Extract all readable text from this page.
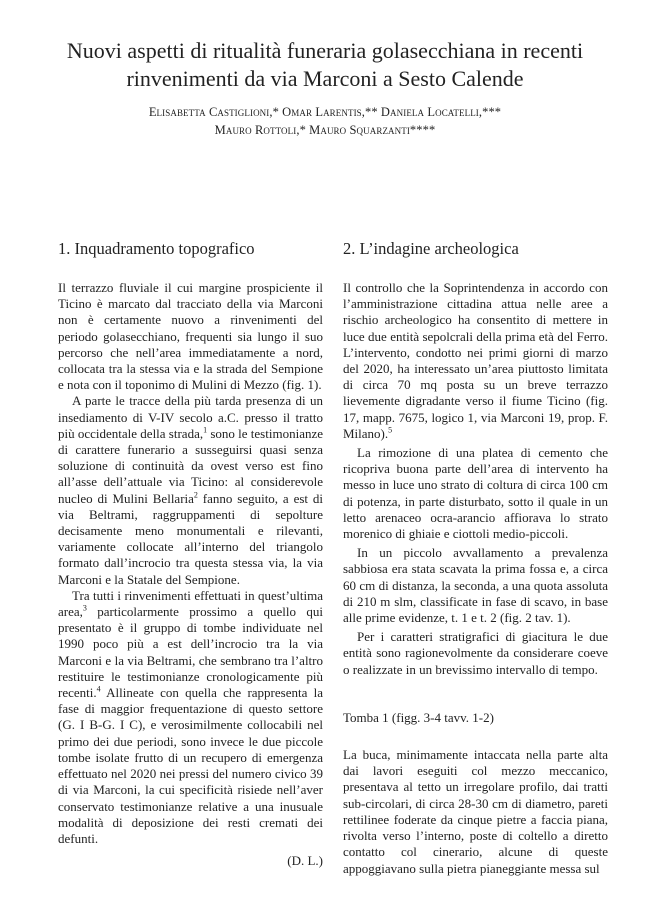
Nuovi aspetti di ritualità funeraria golasecchiana in recenti
rinvenimenti da via Marconi a Sesto Calende
Elisabetta Castiglioni,* Omar Larentis,** Daniela Locatelli,***
Mauro Rottoli,* Mauro Squarzanti****
1. Inquadramento topografico

Il terrazzo fluviale il cui margine prospiciente il Ticino è marcato dal tracciato della via Marconi non è certamente nuovo a rinvenimenti del periodo golasecchiano, frequenti sia lungo il suo percorso che nell’area immediatamente a nord, collocata tra la stessa via e la strada del Sempione e nota con il toponimo di Mulini di Mezzo (fig. 1).

A parte le tracce della più tarda presenza di un insediamento di V-IV secolo a.C. presso il tratto più occidentale della strada,$^1$ sono le testimonianze di carattere funerario a susseguirsi quasi senza soluzione di continuità da ovest verso est fino all’asse dell’attuale via Ticino: al considerevole nucleo di Mulini Bellaria$^2$ fanno seguito, a est di via Beltrami, raggruppamenti di sepolture decisamente meno monumentali e rilevanti, variamente collocate all’interno del triangolo formato dall’incrocio tra questa stessa via, la via Marconi e la Statale del Sempione.

Tra tutti i rinvenimenti effettuati in quest’ultima area,$^3$ particolarmente prossimo a quello qui presentato è il gruppo di tombe individuate nel 1990 poco più a est dell’incrocio tra la via Marconi e la via Beltrami, che sembrano tra l’altro restituire le testimonianze cronologicamente più recenti.$^4$ Allineate con quella che rappresenta la fase di maggior frequentazione di questo settore (G. I B-G. I C), e verosimilmente collocabili nel primo dei due periodi, sono invece le due piccole tombe isolate frutto di un recupero di emergenza effettuato nel 2020 nei pressi del numero civico 39 di via Marconi, la cui specificità risiede nell’aver conservato testimonianze relative a una inusuale modalità di deposizione dei resti cremati dei defunti.

(D. L.)

2. L’indagine archeologica

Il controllo che la Soprintendenza in accordo con l’amministrazione cittadina attua nelle aree a rischio archeologico ha consentito di mettere in luce due entità sepolcrali della prima età del Ferro. L’intervento, condotto nei primi giorni di marzo del 2020, ha interessato un’area piuttosto limitata di circa 70 mq posta su un breve terrazzo lievemente digradante verso il fiume Ticino (fig. 17, mapp. 7675, logico 1, via Marconi 19, prop. F. Milano).$^5$

La rimozione di una platea di cemento che ricopriva buona parte dell’area di intervento ha messo in luce uno strato di coltura di circa 100 cm di potenza, in parte disturbato, sotto il quale in un letto arenaceo ocra-arancio affiorava lo strato morenico di ghiaie e ciottoli medio-piccoli.

In un piccolo avvallamento a prevalenza sabbiosa era stata scavata la prima fossa e, a circa 60 cm di distanza, la seconda, a una quota assoluta di 210 m slm, classificate in fase di scavo, in base alle prime evidenze, t. 1 e t. 2 (fig. 2 tav. 1).

Per i caratteri stratigrafici di giacitura le due entità sono ragionevolmente da considerare coeve o realizzate in un brevissimo intervallo di tempo.

Tomba 1 (figg. 3-4 tavv. 1-2)

La buca, minimamente intaccata nella parte alta dai lavori eseguiti col mezzo meccanico, presentava al tetto un irregolare profilo, dai tratti sub-circolari, di circa 28-30 cm di diametro, pareti rettilinee foderate da cinque pietre a faccia piana, rivolta verso l’interno, poste di coltello a diretto contatto col cinerario, alcune di queste appoggiavano sulla pietra pianeggiante messa sul
